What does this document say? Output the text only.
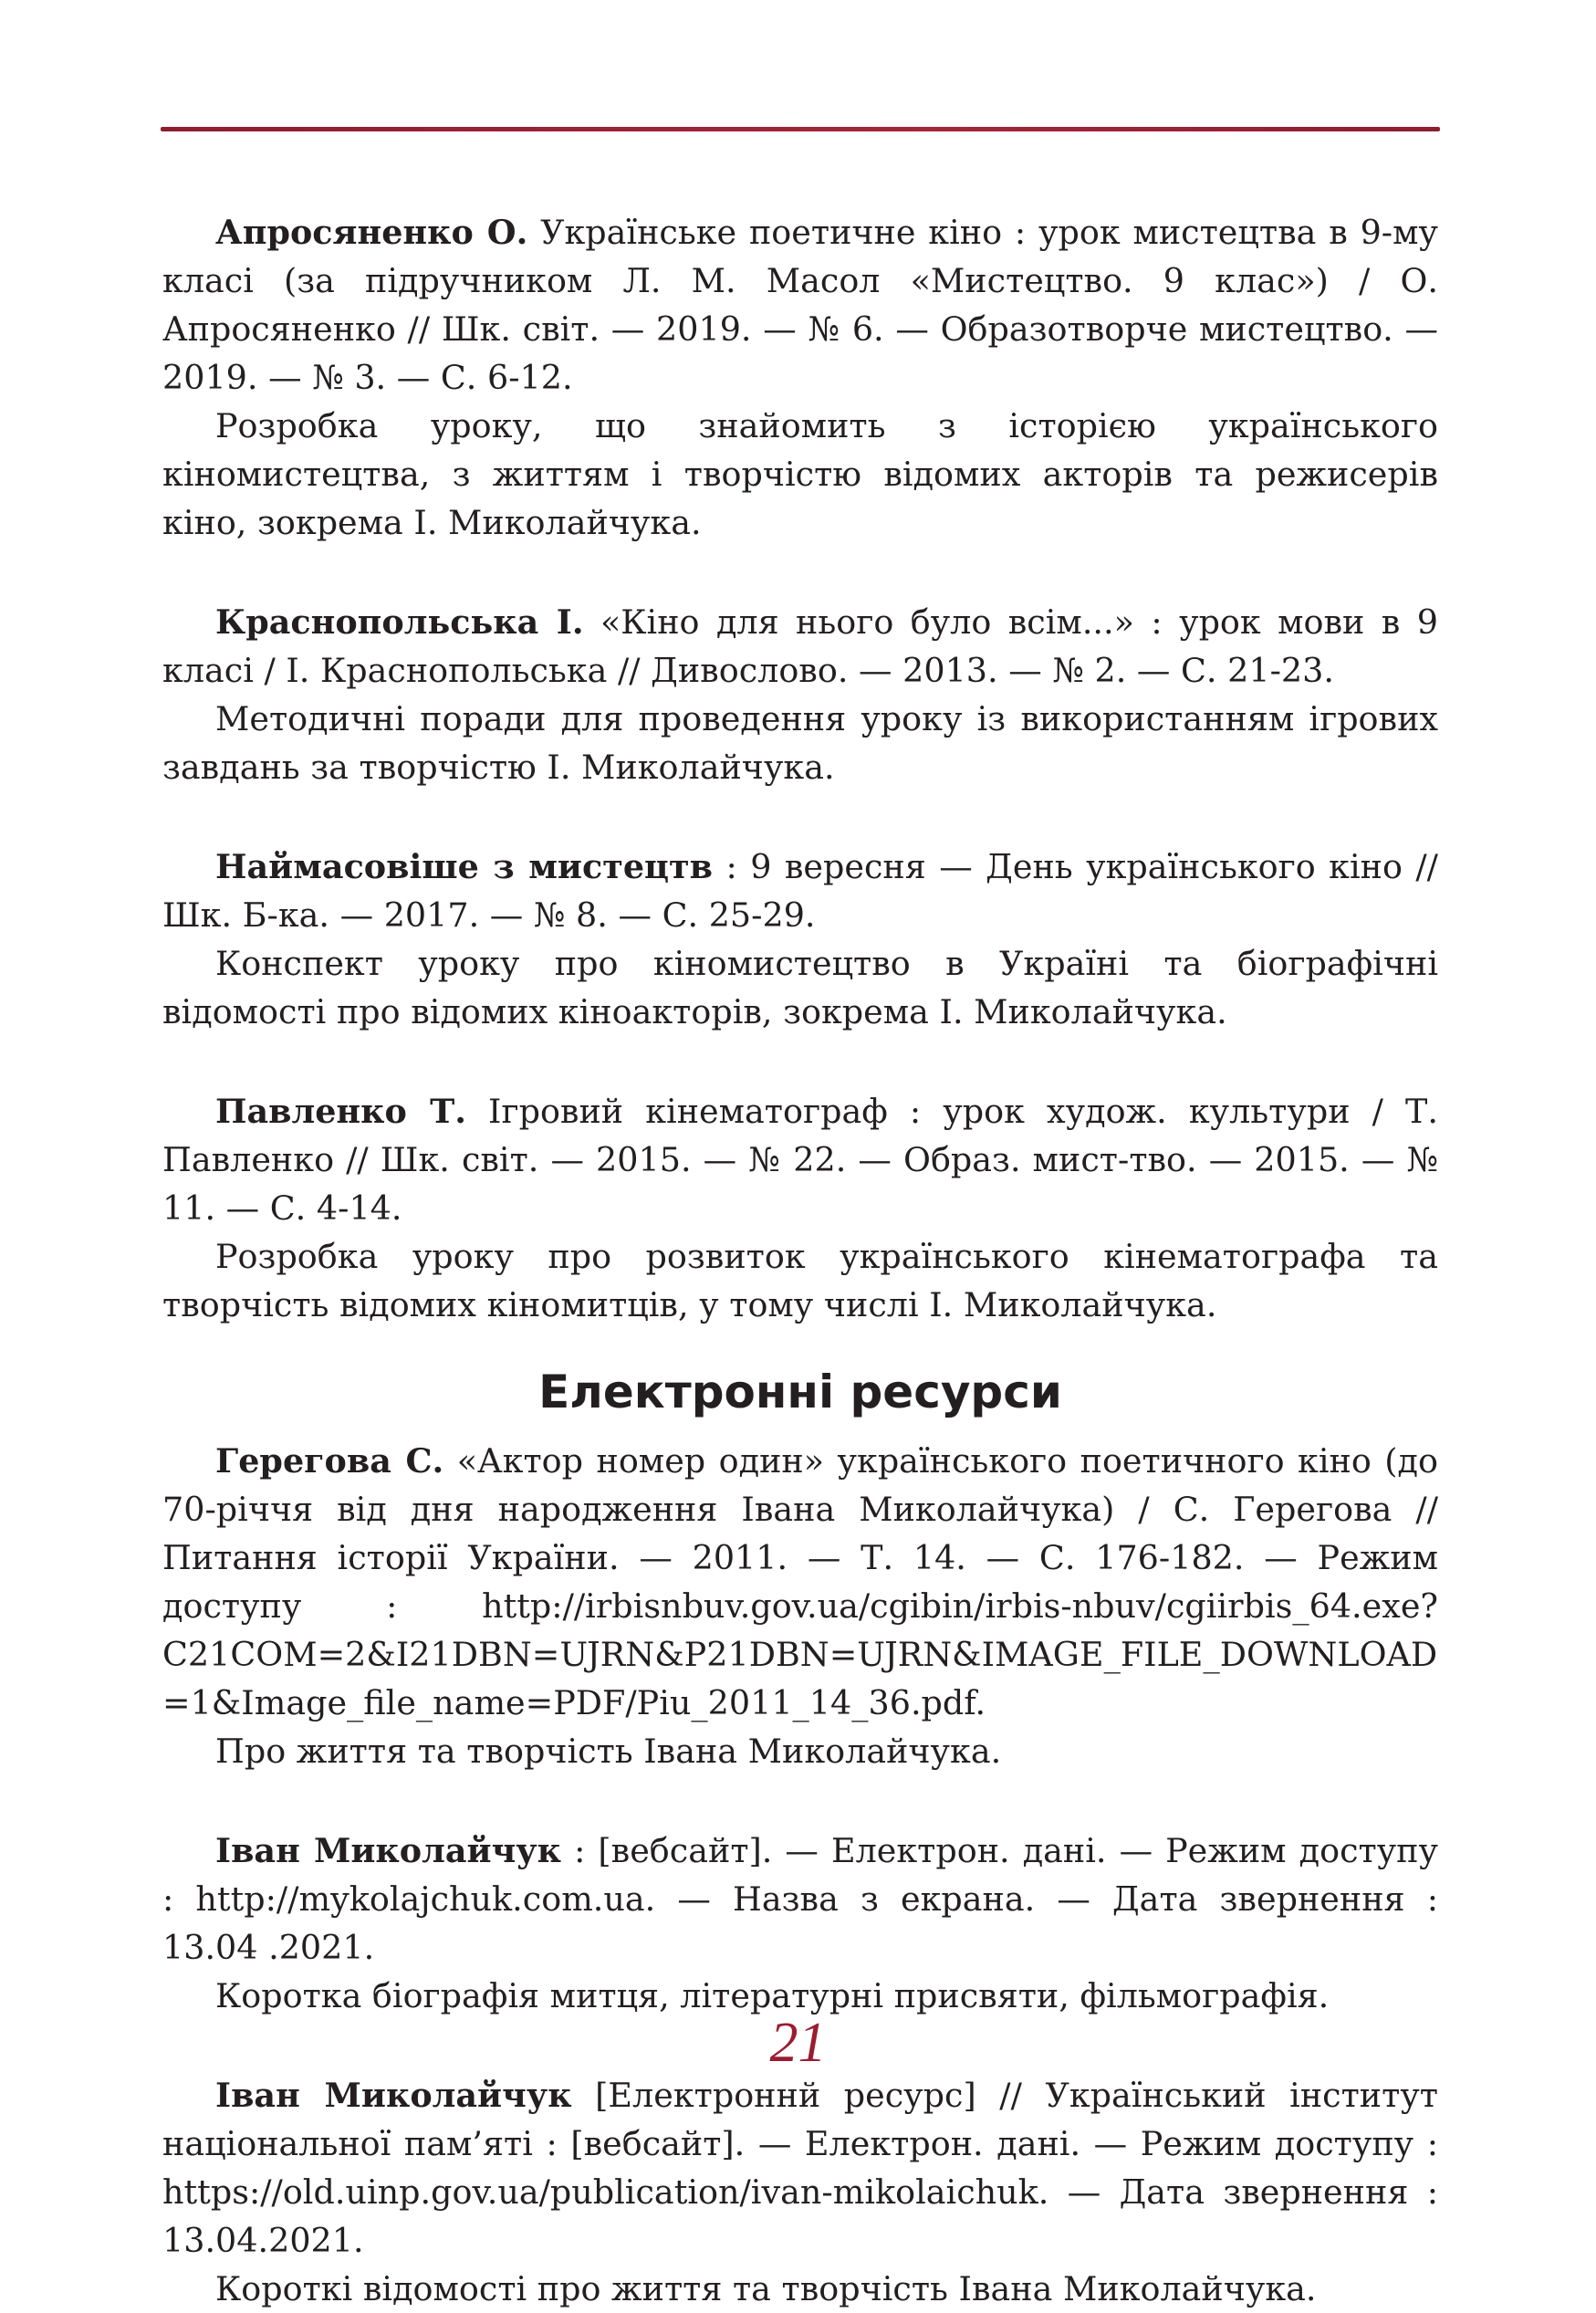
Апросяненко О. Українське поетичне кіно : урок мистецтва в 9-му класі (за підручником Л. М. Масол «Мистецтво. 9 клас») / О. Апросяненко // Шк. світ. — 2019. — № 6. — Образотворче мистецтво. — 2019. — № 3. — С. 6-12.

Розробка уроку, що знайомить з історією українського кіномистецтва, з життям і творчістю відомих акторів та режисерів кіно, зокрема І. Миколайчука.

Краснопольська І. «Кіно для нього було всім...» : урок мови в 9 класі / І. Краснопольська // Дивослово. — 2013. — № 2. — С. 21-23.

Методичні поради для проведення уроку із використанням ігрових завдань за творчістю І. Миколайчука.

Наймасовіше з мистецтв : 9 вересня — День українського кіно // Шк. Б-ка. — 2017. — № 8. — С. 25-29.

Конспект уроку про кіномистецтво в Україні та біографічні відомості про відомих кіноакторів, зокрема І. Миколайчука.

Павленко Т. Ігровий кінематограф : урок худож. культури / Т. Павленко // Шк. світ. — 2015. — № 22. — Образ. мист-тво. — 2015. — № 11. — С. 4-14.

Розробка уроку про розвиток українського кінематографа та творчість відомих кіномитців, у тому числі І. Миколайчука.

Електронні ресурси

Герегова С. «Актор номер один» українського поетичного кіно (до 70-річчя від дня народження Івана Миколайчука) / С. Герегова // Питання історії України. — 2011. — Т. 14. — С. 176-182. — Режим доступу : http://irbisnbuv.gov.ua/cgibin/irbis-nbuv/cgiirbis_64.exe?C21COM=2&I21DBN=UJRN&P21DBN=UJRN&IMAGE_FILE_DOWNLOAD=1&Image_file_name=PDF/Piu_2011_14_36.pdf.

Про життя та творчість Івана Миколайчука.

Іван Миколайчук : [вебсайт]. — Електрон. дані. — Режим доступу : http://mykolajchuk.com.ua. — Назва з екрана. — Дата звернення : 13.04 .2021.

Коротка біографія митця, літературні присвяти, фільмографія.

Іван Миколайчук [Електроннй ресурс] // Український інститут національної пам’яті : [вебсайт]. — Електрон. дані. — Режим доступу : https://old.uinp.gov.ua/publication/ivan-mikolaichuk. — Дата звернення : 13.04.2021.

Короткі відомості про життя та творчість Івана Миколайчука.

21
